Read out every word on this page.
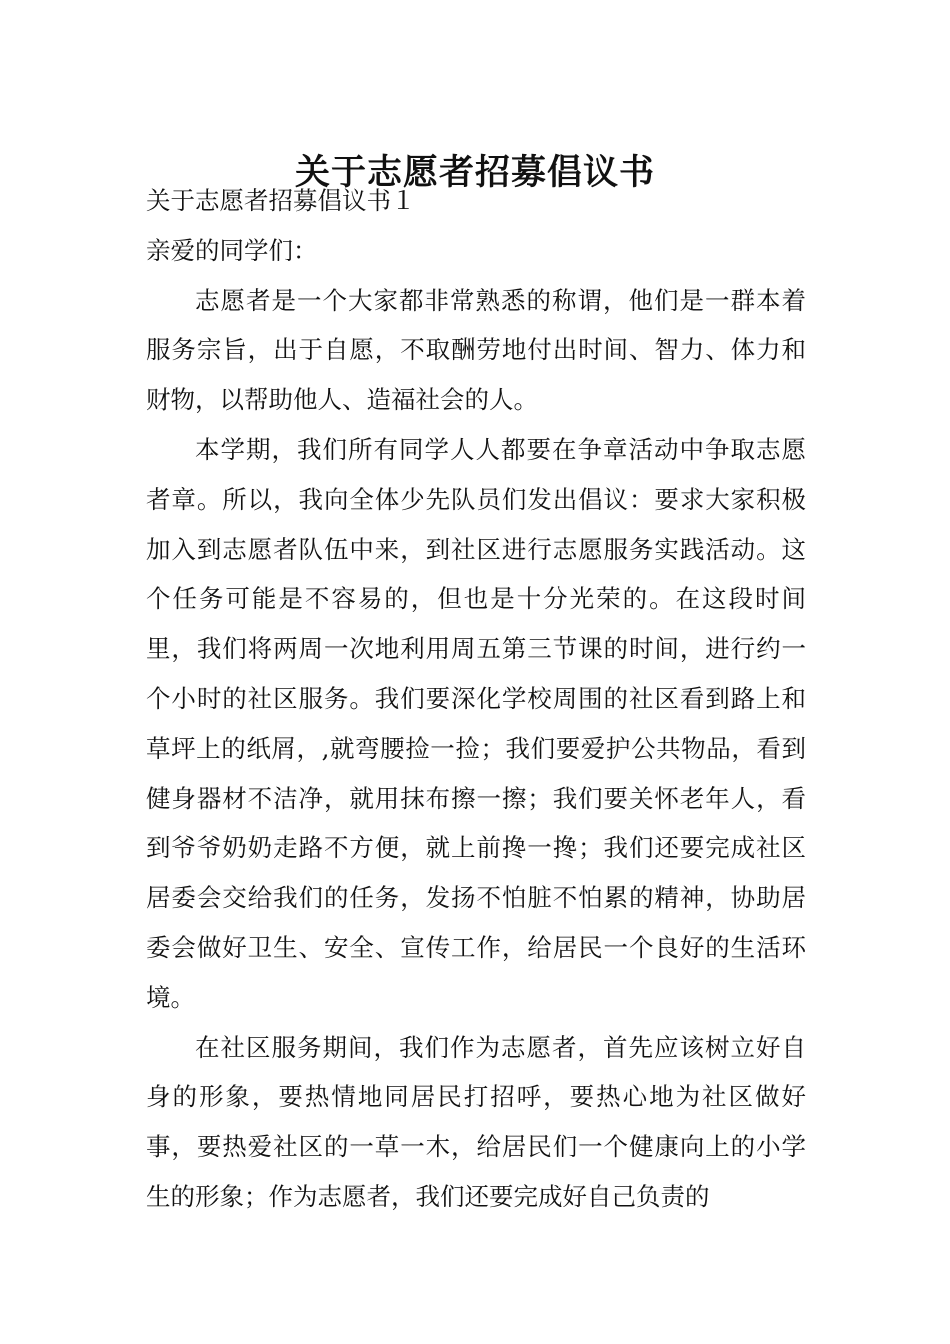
关于志愿者招募倡议书

关于志愿者招募倡议书１

亲爱的同学们：

志愿者是一个大家都非常熟悉的称谓，他们是一群本着服务宗旨，出于自愿，不取酬劳地付出时间、智力、体力和财物，以帮助他人、造福社会的人。

本学期，我们所有同学人人都要在争章活动中争取志愿者章。所以，我向全体少先队员们发出倡议：要求大家积极加入到志愿者队伍中来，到社区进行志愿服务实践活动。这个任务可能是不容易的，但也是十分光荣的。在这段时间里，我们将两周一次地利用周五第三节课的时间，进行约一个小时的社区服务。我们要深化学校周围的社区看到路上和草坪上的纸屑，,就弯腰捡一捡；我们要爱护公共物品，看到健身器材不洁净，就用抹布擦一擦；我们要关怀老年人，看到爷爷奶奶走路不方便，就上前搀一搀；我们还要完成社区居委会交给我们的任务，发扬不怕脏不怕累的精神，协助居委会做好卫生、安全、宣传工作，给居民一个良好的生活环境。

在社区服务期间，我们作为志愿者，首先应该树立好自身的形象，要热情地同居民打招呼，要热心地为社区做好事，要热爱社区的一草一木，给居民们一个健康向上的小学生的形象；作为志愿者，我们还要完成好自己负责的
